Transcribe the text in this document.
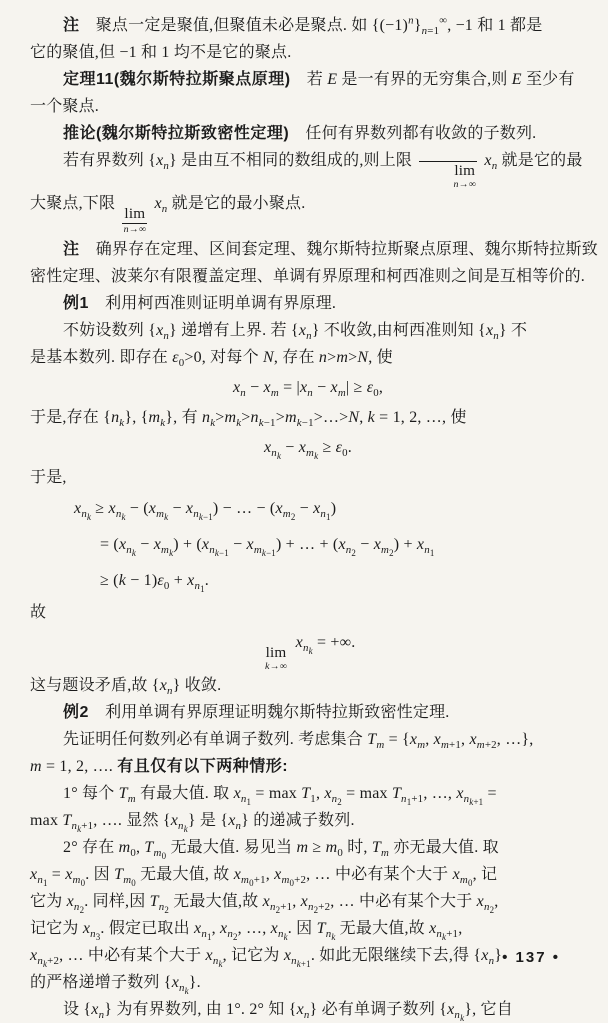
注　聚点一定是聚值,但聚值未必是聚点. 如 $\{(-1)^n\}_{n=1}^\infty$, −1 和 1 都是

它的聚值,但 −1 和 1 均不是它的聚点.

定理11(魏尔斯特拉斯聚点原理)　若 E 是一有界的无穷集合,则 E 至少有

一个聚点.

推论(魏尔斯特拉斯致密性定理)　任何有界数列都有收敛的子数列.

若有界数列 $\{x_n\}$ 是由互不相同的数组成的,则上限
lim
n→∞
$x_n$ 就是它的最

大聚点,下限
lim
n→∞
$x_n$ 就是它的最小聚点.

注　确界存在定理、区间套定理、魏尔斯特拉斯聚点原理、魏尔斯特拉斯致

密性定理、波莱尔有限覆盖定理、单调有界原理和柯西准则之间是互相等价的.

例1　利用柯西准则证明单调有界原理.

不妨设数列 $\{x_n\}$ 递增有上界. 若 $\{x_n\}$ 不收敛,由柯西准则知 $\{x_n\}$ 不

是基本数列. 即存在 $\varepsilon_0>0$, 对每个 N, 存在 n>m>N, 使

$x_n - x_m = |x_n - x_m| \ge \varepsilon_0$,

于是,存在 $\{n_k\}$, $\{m_k\}$, 有 $n_k>m_k>n_{k-1}>m_{k-1}>\dots>N$, k = 1, 2, …, 使

$x_{n_k} - x_{m_k} \ge \varepsilon_0$.

于是,

$x_{n_k} \ge x_{n_k} - (x_{m_k} - x_{n_{k-1}})$ − … − $(x_{m_2} - x_{n_1})$

= $(x_{n_k} - x_{m_k}) + (x_{n_{k-1}} - x_{m_{k-1}})$ + … + $(x_{n_2} - x_{m_2}) + x_{n_1}$

≥ $(k - 1)\varepsilon_0 + x_{n_1}$.

故

lim
k→∞
$x_{n_k}$ = +∞.

这与题设矛盾,故 $\{x_n\}$ 收敛.

例2　利用单调有界原理证明魏尔斯特拉斯致密性定理.

先证明任何数列必有单调子数列. 考虑集合 $T_m = \{x_m$, $x_{m+1}$, $x_{m+2}$, …},

m = 1, 2, …. 有且仅有以下两种情形:

1° 每个 $T_m$ 有最大值. 取 $x_{n_1} = \max T_1$, $x_{n_2} = \max T_{n_1+1}$, …, $x_{n_{k+1}}$ =

$\max T_{n_k+1}$, …. 显然 $\{x_{n_k}\}$ 是 $\{x_n\}$ 的递减子数列.

2° 存在 $m_0$, $T_{m_0}$ 无最大值. 易见当 $m \ge m_0$ 时, $T_m$ 亦无最大值. 取

$x_{n_1} = x_{m_0}$. 因 $T_{m_0}$ 无最大值, 故 $x_{m_0+1}$, $x_{m_0+2}$, … 中必有某个大于 $x_{m_0}$, 记

它为 $x_{n_2}$. 同样,因 $T_{n_2}$ 无最大值,故 $x_{n_2+1}$, $x_{n_2+2}$, … 中必有某个大于 $x_{n_2}$,

记它为 $x_{n_3}$. 假定已取出 $x_{n_1}$, $x_{n_2}$, …, $x_{n_k}$. 因 $T_{n_k}$ 无最大值,故 $x_{n_k+1}$,

$x_{n_k+2}$, … 中必有某个大于 $x_{n_k}$, 记它为 $x_{n_{k+1}}$. 如此无限继续下去,得 $\{x_n\}$

的严格递增子数列 $\{x_{n_k}\}$.

设 $\{x_n\}$ 为有界数列, 由 1°. 2° 知 $\{x_n\}$ 必有单调子数列 $\{x_{n_k}\}$, 它自

• 137 •
